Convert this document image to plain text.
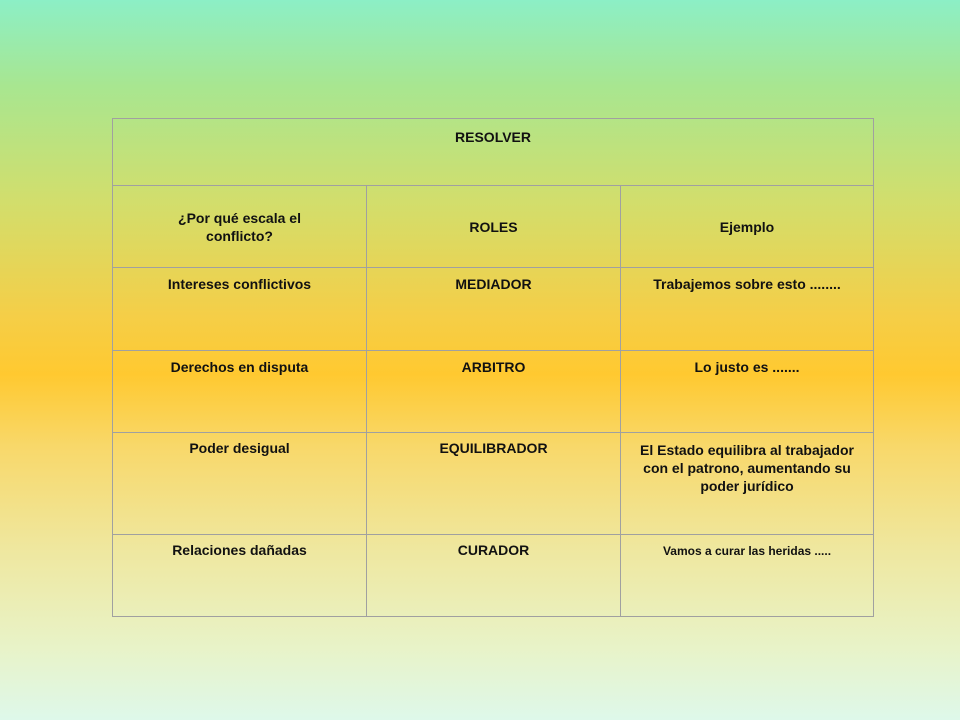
RESOLVER		
¿Por qué escala el conflicto?	ROLES	Ejemplo
Intereses conflictivos	MEDIADOR	Trabajemos sobre esto ........
Derechos en disputa	ARBITRO	Lo justo es .......
Poder desigual	EQUILIBRADOR	El Estado equilibra al trabajador con el patrono, aumentando su poder jurídico
Relaciones dañadas	CURADOR	Vamos a curar las heridas .....
